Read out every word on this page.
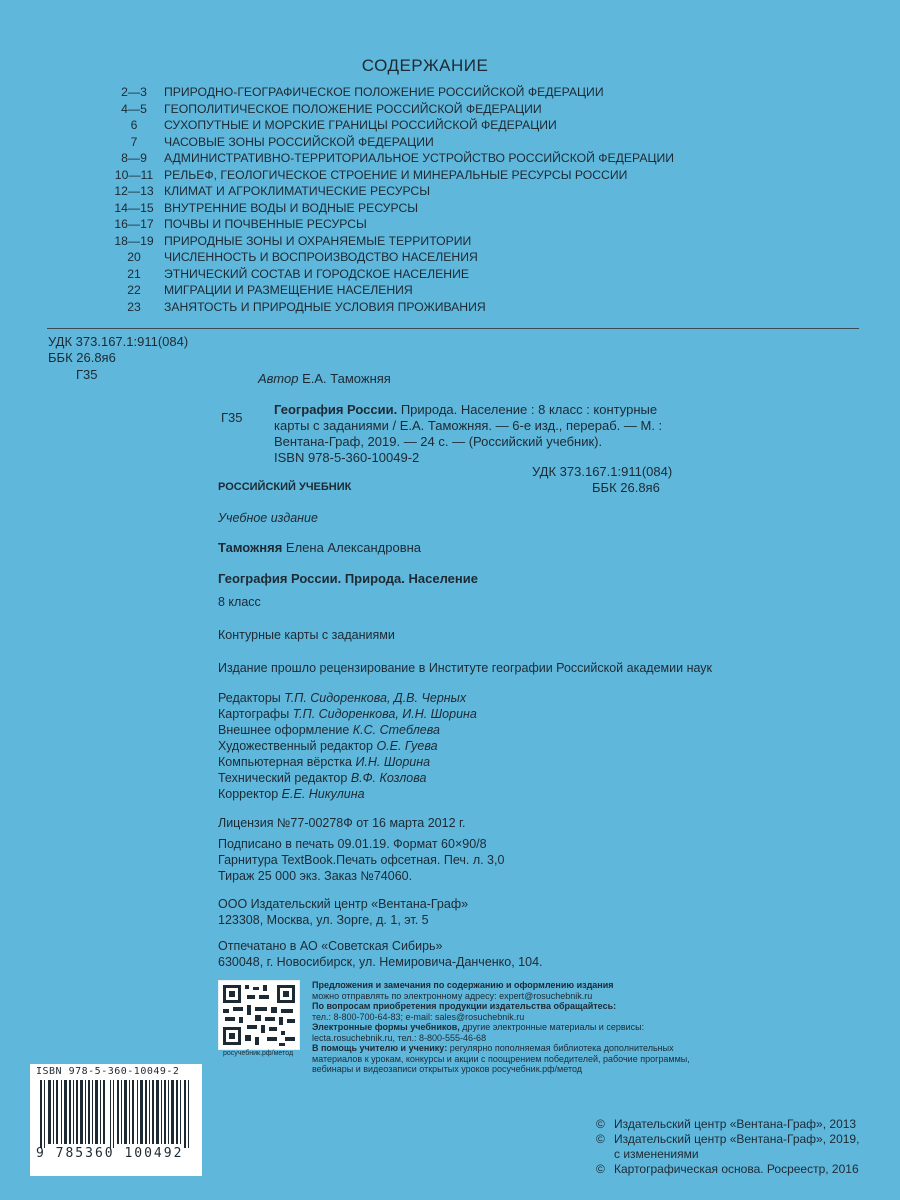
СОДЕРЖАНИЕ
2—3	ПРИРОДНО-ГЕОГРАФИЧЕСКОЕ ПОЛОЖЕНИЕ РОССИЙСКОЙ ФЕДЕРАЦИИ
4—5	ГЕОПОЛИТИЧЕСКОЕ ПОЛОЖЕНИЕ РОССИЙСКОЙ ФЕДЕРАЦИИ
6	СУХОПУТНЫЕ И МОРСКИЕ ГРАНИЦЫ РОССИЙСКОЙ ФЕДЕРАЦИИ
7	ЧАСОВЫЕ ЗОНЫ РОССИЙСКОЙ ФЕДЕРАЦИИ
8—9	АДМИНИСТРАТИВНО-ТЕРРИТОРИАЛЬНОЕ УСТРОЙСТВО РОССИЙСКОЙ ФЕДЕРАЦИИ
10—11 РЕЛЬЕФ, ГЕОЛОГИЧЕСКОЕ СТРОЕНИЕ И МИНЕРАЛЬНЫЕ РЕСУРСЫ РОССИИ
12—13 КЛИМАТ И АГРОКЛИМАТИЧЕСКИЕ РЕСУРСЫ
14—15 ВНУТРЕННИЕ ВОДЫ И ВОДНЫЕ РЕСУРСЫ
16—17 ПОЧВЫ И ПОЧВЕННЫЕ РЕСУРСЫ
18—19 ПРИРОДНЫЕ ЗОНЫ И ОХРАНЯЕМЫЕ ТЕРРИТОРИИ
20	ЧИСЛЕННОСТЬ И ВОСПРОИЗВОДСТВО НАСЕЛЕНИЯ
21	ЭТНИЧЕСКИЙ СОСТАВ И ГОРОДСКОЕ НАСЕЛЕНИЕ
22	МИГРАЦИИ И РАЗМЕЩЕНИЕ НАСЕЛЕНИЯ
23	ЗАНЯТОСТЬ И ПРИРОДНЫЕ УСЛОВИЯ ПРОЖИВАНИЯ
УДК 373.167.1:911(084)
ББК 26.8я6
Г35	Автор Е.А. Таможняя
Г35
География России. Природа. Население : 8 класс : контурные
карты с заданиями / Е.А. Таможняя. — 6-е изд., перераб. — М. :
Вентана-Граф, 2019. — 24 с. — (Российский учебник).
ISBN 978-5-360-10049-2
УДК 373.167.1:911(084)
ББК 26.8я6
РОССИЙСКИЙ УЧЕБНИК
Учебное издание
Таможняя Елена Александровна
География России. Природа. Население
8 класс
Контурные карты с заданиями
Издание прошло рецензирование в Институте географии Российской академии наук
Редакторы Т.П. Сидоренкова, Д.В. Черных
Картографы Т.П. Сидоренкова, И.Н. Шорина
Внешнее оформление К.С. Стеблева
Художественный редактор О.Е. Гуева
Компьютерная вёрстка И.Н. Шорина
Технический редактор В.Ф. Козлова
Корректор Е.Е. Никулина
Лицензия №77-00278Ф от 16 марта 2012 г.
Подписано в печать 09.01.19. Формат 60×90/8
Гарнитура TextBook.Печать офсетная. Печ. л. 3,0
Тираж 25 000 экз. Заказ №74060.
ООО Издательский центр «Вентана-Граф»
123308, Москва, ул. Зорге, д. 1, эт. 5
Отпечатано в АО «Советская Сибирь»
630048, г. Новосибирск, ул. Немировича-Данченко, 104.
росучебник.рф/метод
Предложения и замечания по содержанию и оформлению издания
можно отправлять по электронному адресу: expert@rosuchebnik.ru
По вопросам приобретения продукции издательства обращайтесь:
тел.: 8-800-700-64-83; e-mail: sales@rosuchebnik.ru
Электронные формы учебников, другие электронные материалы и сервисы:
lecta.rosuchebnik.ru, тел.: 8-800-555-46-68
В помощь учителю и ученику: регулярно пополняемая библиотека дополнительных
материалов к урокам, конкурсы и акции с поощрением победителей, рабочие программы,
вебинары и видеозаписи открытых уроков росучебник.рф/метод
ISBN 978-5-360-10049-2
9 785360 100492
© Издательский центр «Вентана-Граф», 2013
© Издательский центр «Вентана-Граф», 2019,
с изменениями
© Картографическая основа. Росреестр, 2016
